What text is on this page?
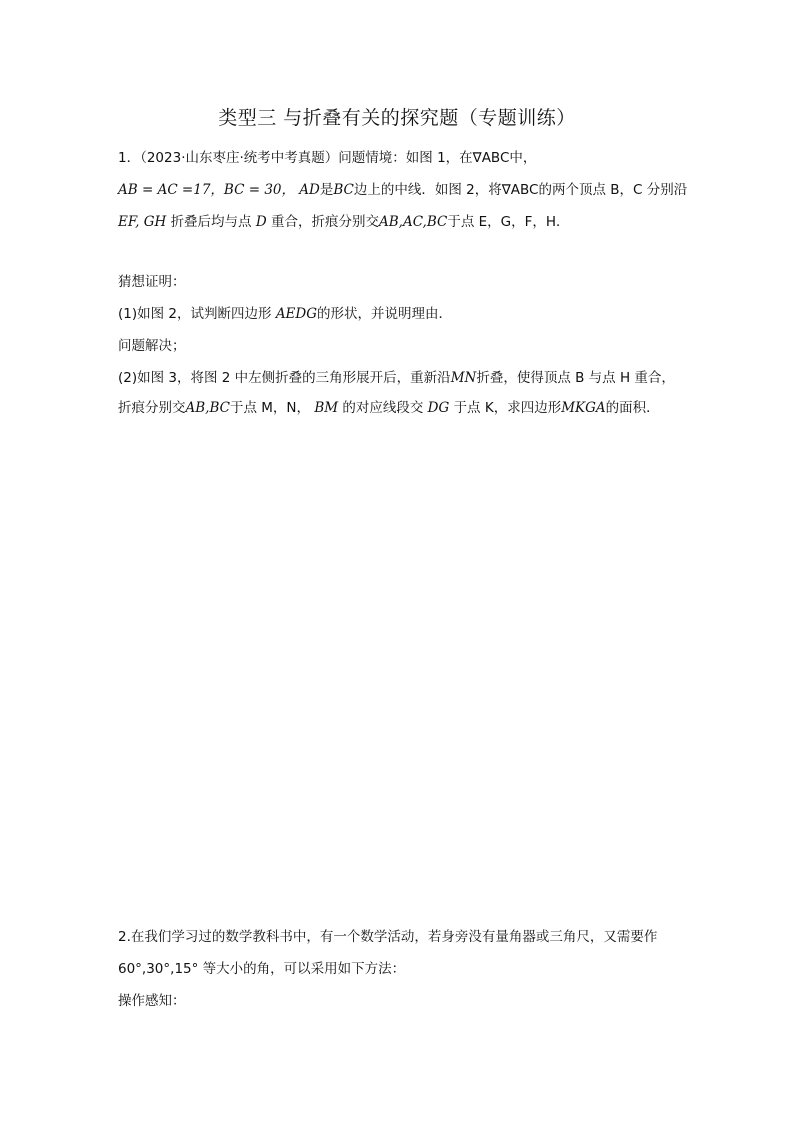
类型三 与折叠有关的探究题（专题训练）
1．（2023·山东枣庄·统考中考真题）问题情境：如图 1，在∇ABC中，
AB = AC =17，BC = 30， AD是BC边上的中线．如图 2，将∇ABC的两个顶点 B，C 分别沿
EF, GH 折叠后均与点 D 重合，折痕分别交AB,AC,BC于点 E，G，F，H．
猜想证明：
(1)如图 2，试判断四边形 AEDG的形状，并说明理由．
问题解决；
(2)如图 3，将图 2 中左侧折叠的三角形展开后，重新沿MN折叠，使得顶点 B 与点 H 重合，
折痕分别交AB,BC于点 M，N， BM 的对应线段交 DG 于点 K，求四边形MKGA的面积．
2.在我们学习过的数学教科书中，有一个数学活动，若身旁没有量角器或三角尺，又需要作
60°,30°,15° 等大小的角，可以采用如下方法：
操作感知：
